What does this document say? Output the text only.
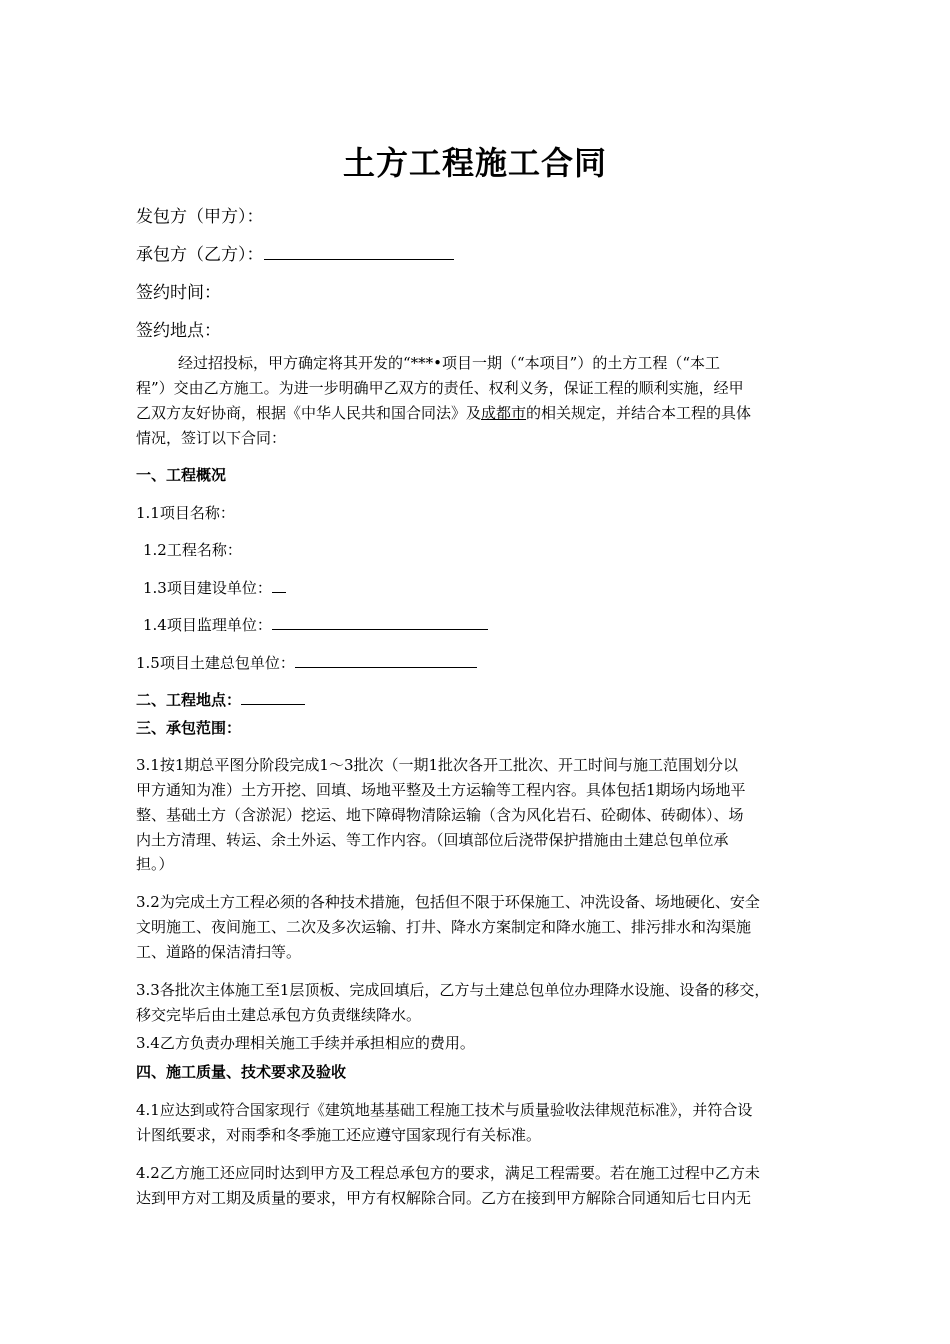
土方工程施工合同
发包方（甲方）：
承包方（乙方）：
签约时间：
签约地点：
经过招投标，甲方确定将其开发的“***•项目一期（“本项目”）的土方工程（“本工
程”）交由乙方施工。为进一步明确甲乙双方的责任、权利义务，保证工程的顺利实施，经甲
乙双方友好协商，根据《中华人民共和国合同法》及成都市的相关规定，并结合本工程的具体
情况，签订以下合同：
一、工程概况
1.1项目名称：
1.2工程名称：
1.3项目建设单位：
1.4项目监理单位：
1.5项目土建总包单位：
二、工程地点：
三、承包范围：
3.1按1期总平图分阶段完成1～3批次（一期1批次各开工批次、开工时间与施工范围划分以
甲方通知为准）土方开挖、回填、场地平整及土方运输等工程内容。具体包括1期场内场地平
整、基础土方（含淤泥）挖运、地下障碍物清除运输（含为风化岩石、砼砌体、砖砌体）、场
内土方清理、转运、余土外运、等工作内容。（回填部位后浇带保护措施由土建总包单位承
担。）
3.2为完成土方工程必须的各种技术措施，包括但不限于环保施工、冲洗设备、场地硬化、安全
文明施工、夜间施工、二次及多次运输、打井、降水方案制定和降水施工、排污排水和沟渠施
工、道路的保洁清扫等。
3.3各批次主体施工至1层顶板、完成回填后，乙方与土建总包单位办理降水设施、设备的移交，
移交完毕后由土建总承包方负责继续降水。
3.4乙方负责办理相关施工手续并承担相应的费用。
四、施工质量、技术要求及验收
4.1应达到或符合国家现行《建筑地基基础工程施工技术与质量验收法律规范标准》，并符合设
计图纸要求，对雨季和冬季施工还应遵守国家现行有关标准。
4.2乙方施工还应同时达到甲方及工程总承包方的要求，满足工程需要。若在施工过程中乙方未
达到甲方对工期及质量的要求，甲方有权解除合同。乙方在接到甲方解除合同通知后七日内无
